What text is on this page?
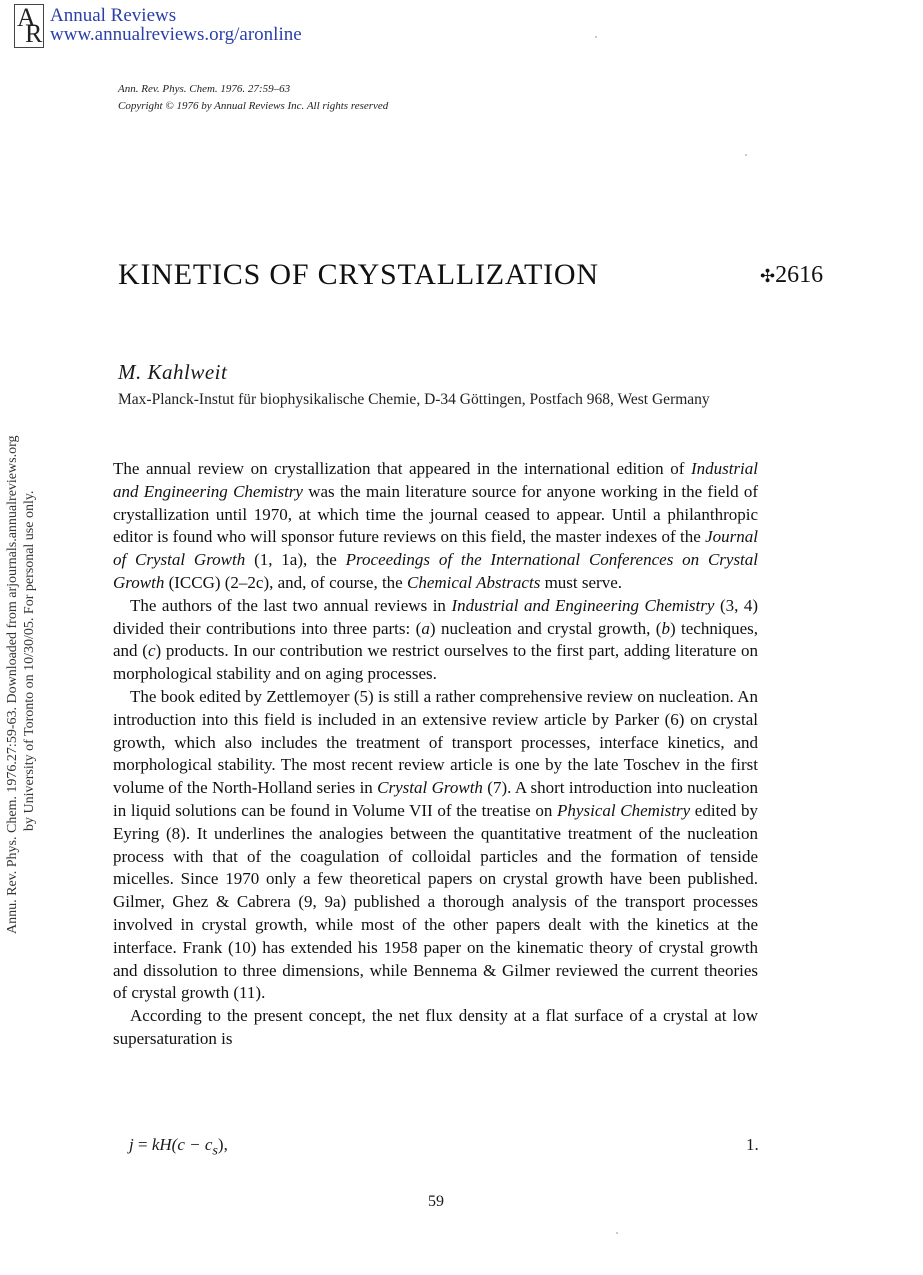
A
R
Annual Reviews
www.annualreviews.org/aronline
Ann. Rev. Phys. Chem. 1976. 27:59–63
Copyright © 1976 by Annual Reviews Inc. All rights reserved
Annu. Rev. Phys. Chem. 1976.27:59-63. Downloaded from arjournals.annualreviews.org by University of Toronto on 10/30/05. For personal use only.
KINETICS OF CRYSTALLIZATION	✣2616
M. Kahlweit
Max-Planck-Instut für biophysikalische Chemie, D-34 Göttingen, Postfach 968, West Germany

The annual review on crystallization that appeared in the international edition of Industrial and Engineering Chemistry was the main literature source for anyone working in the field of crystallization until 1970, at which time the journal ceased to appear. Until a philanthropic editor is found who will sponsor future reviews on this field, the master indexes of the Journal of Crystal Growth (1, 1a), the Proceedings of the International Conferences on Crystal Growth (ICCG) (2–2c), and, of course, the Chemical Abstracts must serve.

The authors of the last two annual reviews in Industrial and Engineering Chemistry (3, 4) divided their contributions into three parts: (a) nucleation and crystal growth, (b) techniques, and (c) products. In our contribution we restrict ourselves to the first part, adding literature on morphological stability and on aging processes.

The book edited by Zettlemoyer (5) is still a rather comprehensive review on nucleation. An introduction into this field is included in an extensive review article by Parker (6) on crystal growth, which also includes the treatment of transport processes, interface kinetics, and morphological stability. The most recent review article is one by the late Toschev in the first volume of the North-Holland series in Crystal Growth (7). A short introduction into nucleation in liquid solutions can be found in Volume VII of the treatise on Physical Chemistry edited by Eyring (8). It underlines the analogies between the quantitative treatment of the nucleation process with that of the coagulation of colloidal particles and the formation of tenside micelles. Since 1970 only a few theoretical papers on crystal growth have been published. Gilmer, Ghez & Cabrera (9, 9a) published a thorough analysis of the transport processes involved in crystal growth, while most of the other papers dealt with the kinetics at the interface. Frank (10) has extended his 1958 paper on the kinematic theory of crystal growth and dissolution to three dimensions, while Bennema & Gilmer reviewed the current theories of crystal growth (11).

According to the present concept, the net flux density at a flat surface of a crystal at low supersaturation is

$j = kH(c - c_s)$,	1.
59
